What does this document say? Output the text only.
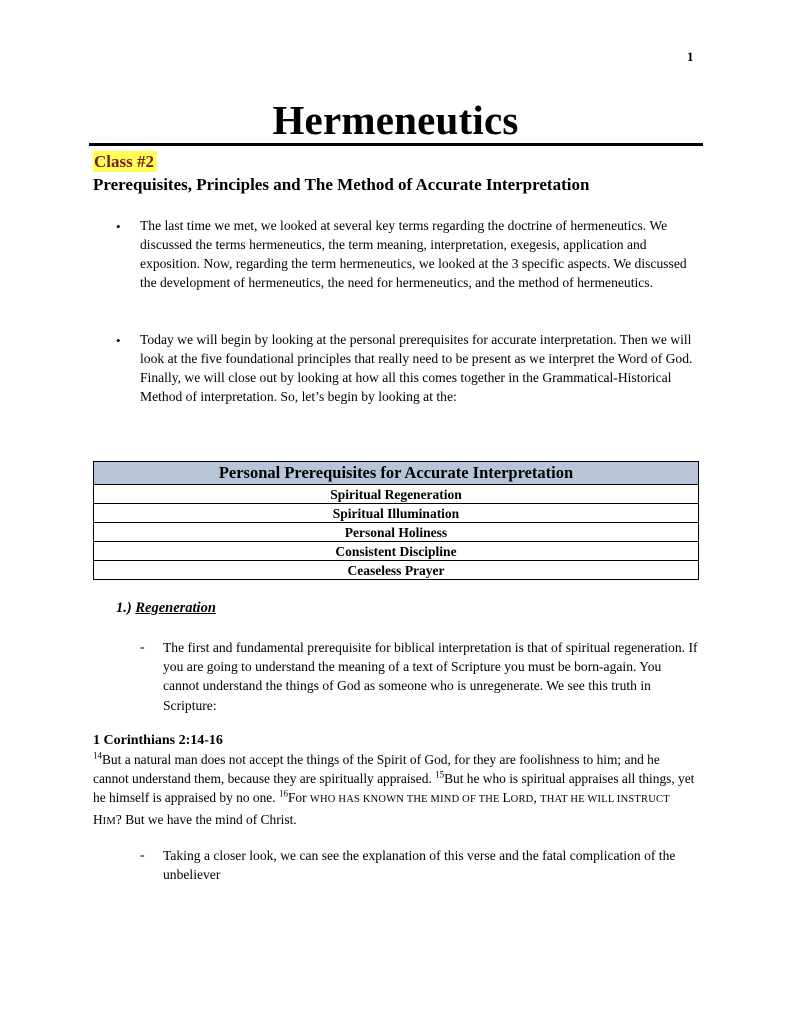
1
Hermeneutics
Class #2
Prerequisites, Principles and The Method of Accurate Interpretation
• The last time we met, we looked at several key terms regarding the doctrine of hermeneutics. We discussed the terms hermeneutics, the term meaning, interpretation, exegesis, application and exposition. Now, regarding the term hermeneutics, we looked at the 3 specific aspects. We discussed the development of hermeneutics, the need for hermeneutics, and the method of hermeneutics.
• Today we will begin by looking at the personal prerequisites for accurate interpretation. Then we will look at the five foundational principles that really need to be present as we interpret the Word of God. Finally, we will close out by looking at how all this comes together in the Grammatical-Historical Method of interpretation. So, let’s begin by looking at the:
Personal Prerequisites for Accurate Interpretation
Spiritual Regeneration
Spiritual Illumination
Personal Holiness
Consistent Discipline
Ceaseless Prayer
1.) Regeneration
- The first and fundamental prerequisite for biblical interpretation is that of spiritual regeneration. If you are going to understand the meaning of a text of Scripture you must be born-again. You cannot understand the things of God as someone who is unregenerate. We see this truth in Scripture:
1 Corinthians 2:14-16
$^{14}$But a natural man does not accept the things of the Spirit of God, for they are foolishness to him; and he cannot understand them, because they are spiritually appraised. $^{15}$But he who is spiritual appraises all things, yet he himself is appraised by no one. $^{16}$For WHO HAS KNOWN THE MIND OF THE LORD, THAT HE WILL INSTRUCT HIM? But we have the mind of Christ.
- Taking a closer look, we can see the explanation of this verse and the fatal complication of the unbeliever
